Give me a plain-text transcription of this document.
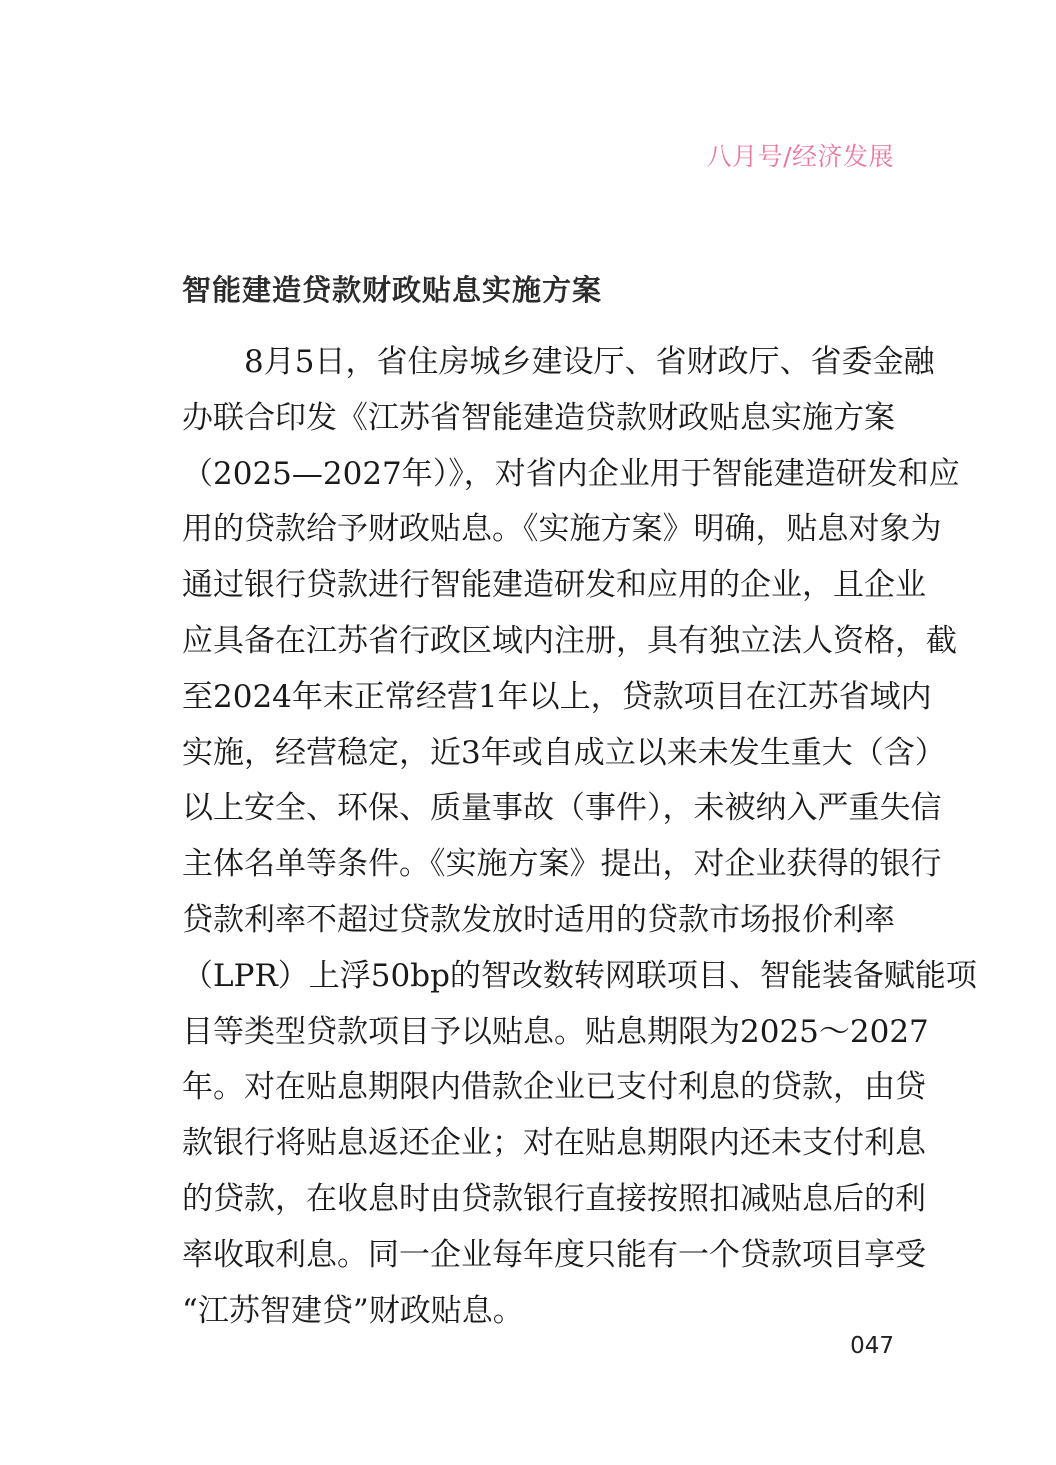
八月号/经济发展
智能建造贷款财政贴息实施方案
8月5日，省住房城乡建设厅、省财政厅、省委金融
办联合印发《江苏省智能建造贷款财政贴息实施方案
（2025—2027年）》，对省内企业用于智能建造研发和应
用的贷款给予财政贴息。《实施方案》明确，贴息对象为
通过银行贷款进行智能建造研发和应用的企业，且企业
应具备在江苏省行政区域内注册，具有独立法人资格，截
至2024年末正常经营1年以上，贷款项目在江苏省域内
实施，经营稳定，近3年或自成立以来未发生重大（含）
以上安全、环保、质量事故（事件），未被纳入严重失信
主体名单等条件。《实施方案》提出，对企业获得的银行
贷款利率不超过贷款发放时适用的贷款市场报价利率
（LPR）上浮50bp的智改数转网联项目、智能装备赋能项
目等类型贷款项目予以贴息。贴息期限为2025～2027
年。对在贴息期限内借款企业已支付利息的贷款，由贷
款银行将贴息返还企业；对在贴息期限内还未支付利息
的贷款，在收息时由贷款银行直接按照扣减贴息后的利
率收取利息。同一企业每年度只能有一个贷款项目享受
“江苏智建贷”财政贴息。
047
